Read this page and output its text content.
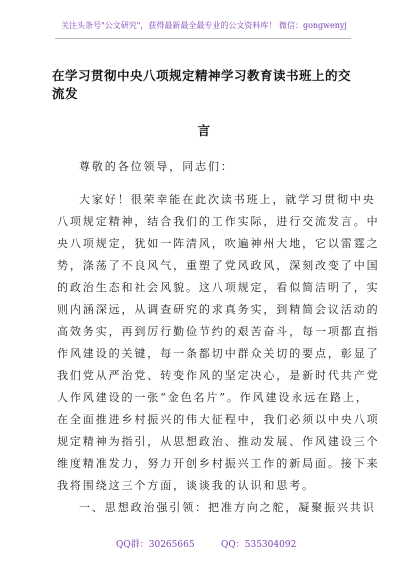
关注头条号"公文研究"，获得最新最全最专业的公文资料库！ 微信：gongwenyj
在学习贯彻中央八项规定精神学习教育读书班上的交流发
言
尊敬的各位领导，同志们：
大家好！很荣幸能在此次读书班上，就学习贯彻中央
八项规定精神，结合我们的工作实际，进行交流发言。中
央八项规定，犹如一阵清风，吹遍神州大地，它以雷霆之
势，涤荡了不良风气，重塑了党风政风，深刻改变了中国
的政治生态和社会风貌。这八项规定，看似简洁明了，实
则内涵深远，从调查研究的求真务实，到精简会议活动的
高效务实，再到厉行勤俭节约的艰苦奋斗，每一项都直指
作风建设的关键，每一条都切中群众关切的要点，彰显了
我们党从严治党、转变作风的坚定决心，是新时代共产党
人作风建设的一张“金色名片”。作风建设永远在路上，
在全面推进乡村振兴的伟大征程中，我们必须以中央八项
规定精神为指引，从思想政治、推动发展、作风建设三个
维度精准发力，努力开创乡村振兴工作的新局面。接下来
我将围绕这三个方面，谈谈我的认识和思考。
一、思想政治强引领：把准方向之舵，凝聚振兴共识
QQ群：30265665	QQ：535304092
